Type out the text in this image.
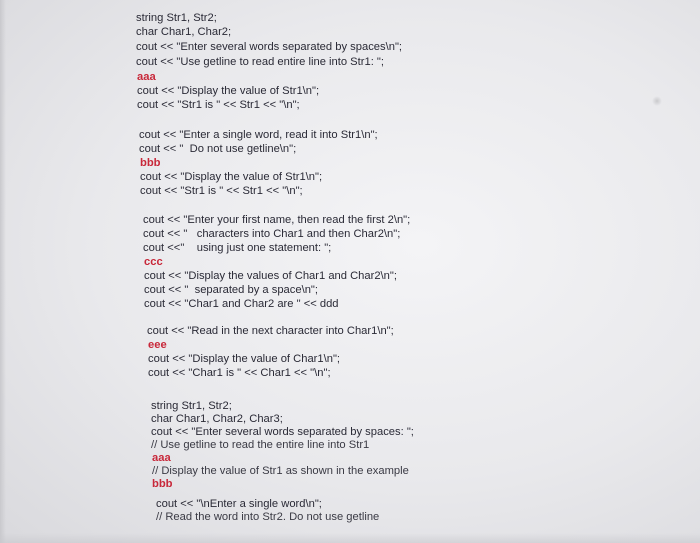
string Str1, Str2;
char Char1, Char2;
cout << "Enter several words separated by spaces\n";
cout << "Use getline to read entire line into Str1: ";
aaa
cout << "Display the value of Str1\n";
cout << "Str1 is " << Str1 << "\n";
cout << "Enter a single word, read it into Str1\n";
cout << "  Do not use getline\n";
bbb
cout << "Display the value of Str1\n";
cout << "Str1 is " << Str1 << "\n";
cout << "Enter your first name, then read the first 2\n";
cout << "   characters into Char1 and then Char2\n";
cout <<"    using just one statement: ";
ccc
cout << "Display the values of Char1 and Char2\n";
cout << "  separated by a space\n";
cout << "Char1 and Char2 are " << ddd
cout << "Read in the next character into Char1\n";
eee
cout << "Display the value of Char1\n";
cout << "Char1 is " << Char1 << "\n";
string Str1, Str2;
char Char1, Char2, Char3;
cout << "Enter several words separated by spaces: ";
// Use getline to read the entire line into Str1
aaa
// Display the value of Str1 as shown in the example
bbb
cout << "\nEnter a single word\n";
// Read the word into Str2. Do not use getline
